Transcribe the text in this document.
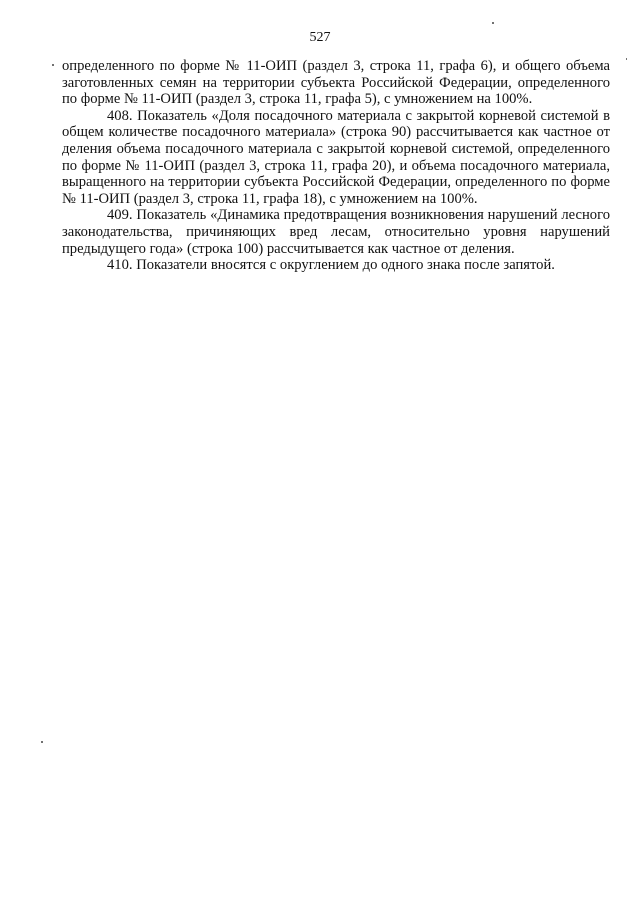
527

определенного по форме № 11-ОИП (раздел 3, строка 11, графа 6), и общего объема заготовленных семян на территории субъекта Российской Федерации, определенного по форме № 11-ОИП (раздел 3, строка 11, графа 5), с умножением на 100%.

408. Показатель «Доля посадочного материала с закрытой корневой системой в общем количестве посадочного материала» (строка 90) рассчитывается как частное от деления объема посадочного материала с закрытой корневой системой, определенного по форме № 11-ОИП (раздел 3, строка 11, графа 20), и объема посадочного материала, выращенного на территории субъекта Российской Федерации, определенного по форме № 11-ОИП (раздел 3, строка 11, графа 18), с умножением на 100%.

409. Показатель «Динамика предотвращения возникновения нарушений лесного законодательства, причиняющих вред лесам, относительно уровня нарушений предыдущего года» (строка 100) рассчитывается как частное от деления.

410. Показатели вносятся с округлением до одного знака после запятой.
